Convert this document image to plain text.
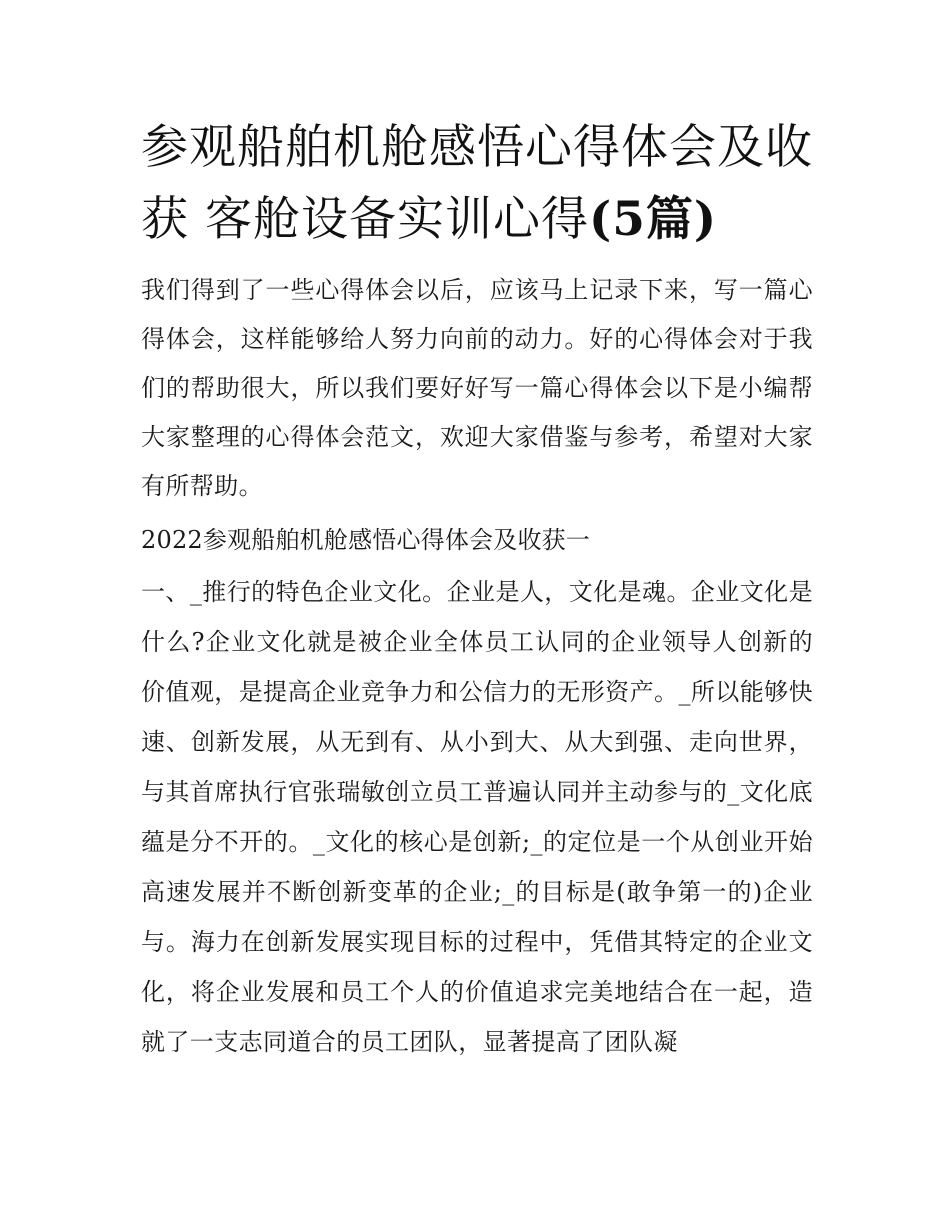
参观船舶机舱感悟心得体会及收获 客舱设备实训心得(5篇)

我们得到了一些心得体会以后，应该马上记录下来，写一篇心得体会，这样能够给人努力向前的动力。好的心得体会对于我们的帮助很大，所以我们要好好写一篇心得体会以下是小编帮大家整理的心得体会范文，欢迎大家借鉴与参考，希望对大家有所帮助。

2022参观船舶机舱感悟心得体会及收获一

一、_推行的特色企业文化。企业是人，文化是魂。企业文化是什么?企业文化就是被企业全体员工认同的企业领导人创新的价值观，是提高企业竞争力和公信力的无形资产。_所以能够快速、创新发展，从无到有、从小到大、从大到强、走向世界，与其首席执行官张瑞敏创立员工普遍认同并主动参与的_文化底蕴是分不开的。_文化的核心是创新;_的定位是一个从创业开始高速发展并不断创新变革的企业;_的目标是(敢争第一的)企业与。海力在创新发展实现目标的过程中，凭借其特定的企业文化，将企业发展和员工个人的价值追求完美地结合在一起，造就了一支志同道合的员工团队，显著提高了团队凝
